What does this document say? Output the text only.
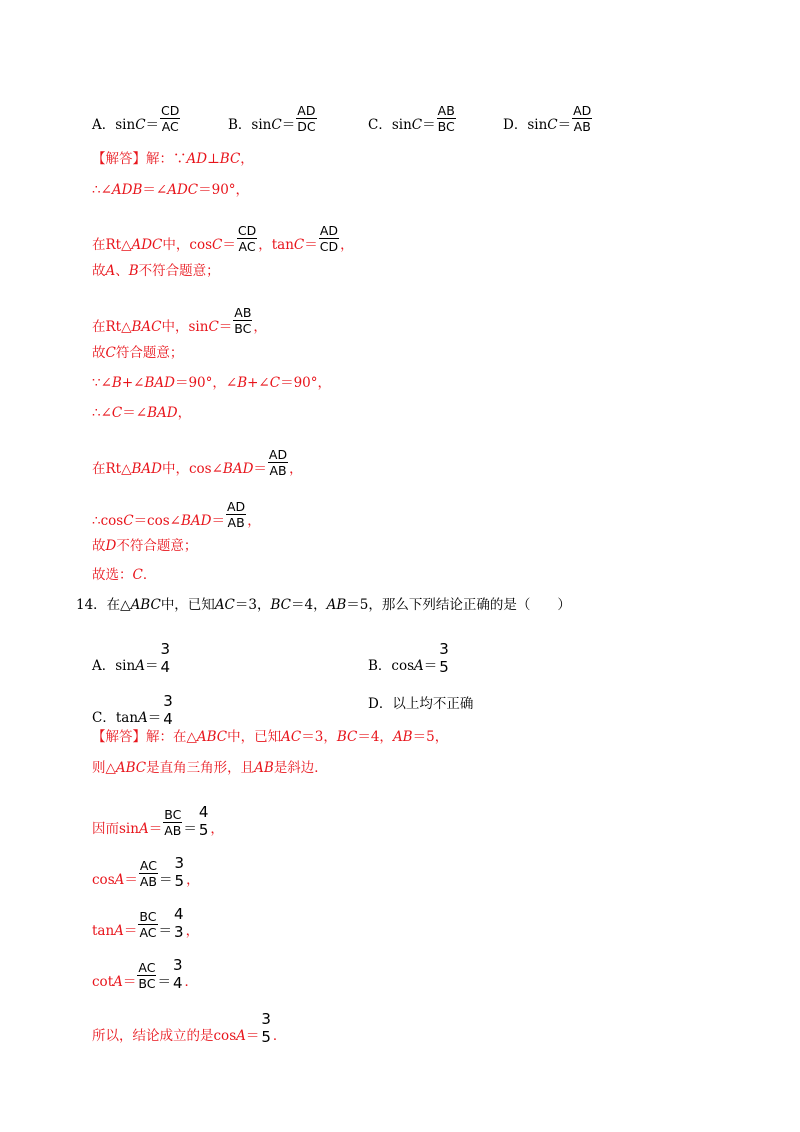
A．$\sin C= \frac{CD}{AC}$	B．$\sin C= \frac{AD}{DC}$	C．$\sin C= \frac{AB}{BC}$	D．$\sin C= \frac{AD}{AB}$
【解答】解：∵AD⊥BC，
∴∠ADB＝∠ADC＝90°，
在Rt△ADC中，$\cos C= \frac{CD}{AC}$ ，$\tan C= \frac{AD}{CD}$ ，
故A、B不符合题意；
在Rt△BAC中，$\sin C= \frac{AB}{BC}$ ，
故C符合题意；
∵∠B+∠BAD＝90°，∠B+∠C＝90°，
∴∠C＝∠BAD，
在Rt△BAD中，cos∠BAD＝ $\frac{AD}{AB}$ ，
∴cosC＝cos∠BAD＝ $\frac{AD}{AB}$ ，
故D不符合题意；
故选：C．
14．在△ABC中，已知AC＝3，BC＝4，AB＝5，那么下列结论正确的是（　　）
A．sinA＝
3
4	B．cosA＝
3
5
C．tanA＝
3
4
D．以上均不正确
【解答】解：在△ABC中，已知AC＝3，BC＝4，AB＝5，
则△ABC是直角三角形，且AB是斜边．
因而$\sin A= \frac{BC}{AB}$ ＝
4
5 ，
$\cos A= \frac{AC}{AB}$ ＝
3
5 ，
$\tan A= \frac{BC}{AC}$ ＝
4
3 ，
$\cot A= \frac{AC}{BC}$ ＝
3
4 ．
所以，结论成立的是cosA＝
3
5 ．
